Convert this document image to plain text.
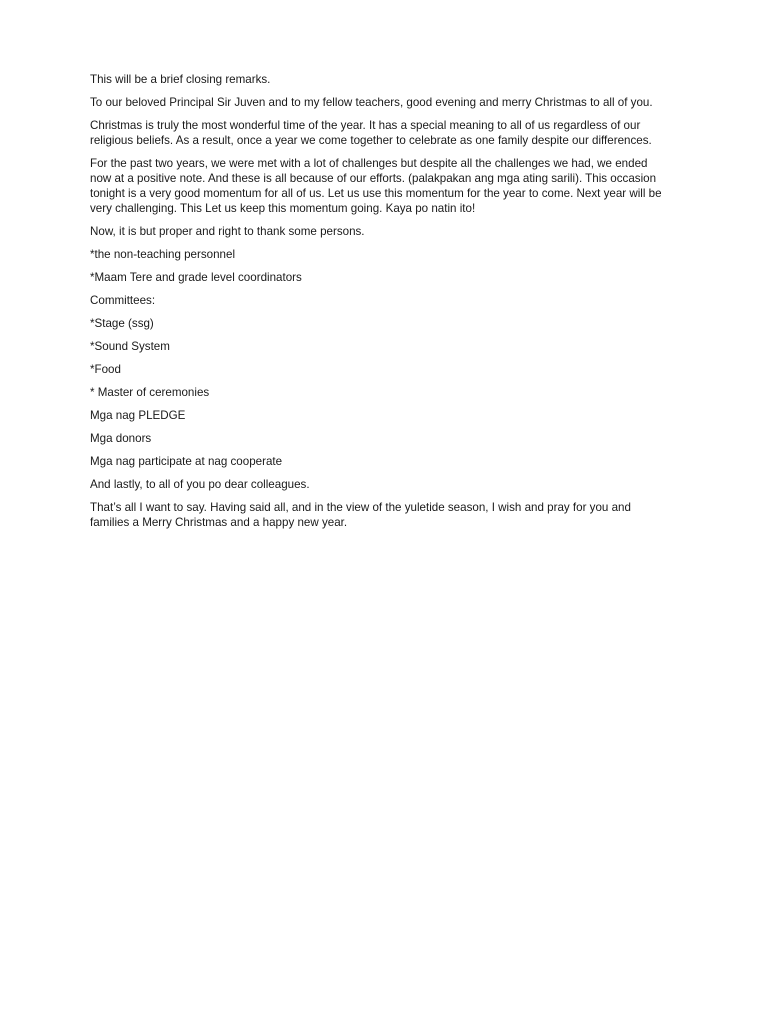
This will be a brief closing remarks.

To our beloved Principal Sir Juven and to my fellow teachers, good evening and merry Christmas to all of you.

Christmas is truly the most wonderful time of the year. It has a special meaning to all of us regardless of our religious beliefs. As a result, once a year we come together to celebrate as one family despite our differences.

For the past two years, we were met with a lot of challenges but despite all the challenges we had, we ended now at a positive note. And these is all because of our efforts. (palakpakan ang mga ating sarili). This occasion tonight is a very good momentum for all of us. Let us use this momentum for the year to come. Next year will be very challenging. This Let us keep this momentum going. Kaya po natin ito!

Now, it is but proper and right to thank some persons.

*the non-teaching personnel

*Maam Tere and grade level coordinators

Committees:

*Stage (ssg)

*Sound System

*Food

* Master of ceremonies

Mga nag PLEDGE

Mga donors

Mga nag participate at nag cooperate

And lastly, to all of you po dear colleagues.

That’s all I want to say. Having said all, and in the view of the yuletide season, I wish and pray for you and families a Merry Christmas and a happy new year.
